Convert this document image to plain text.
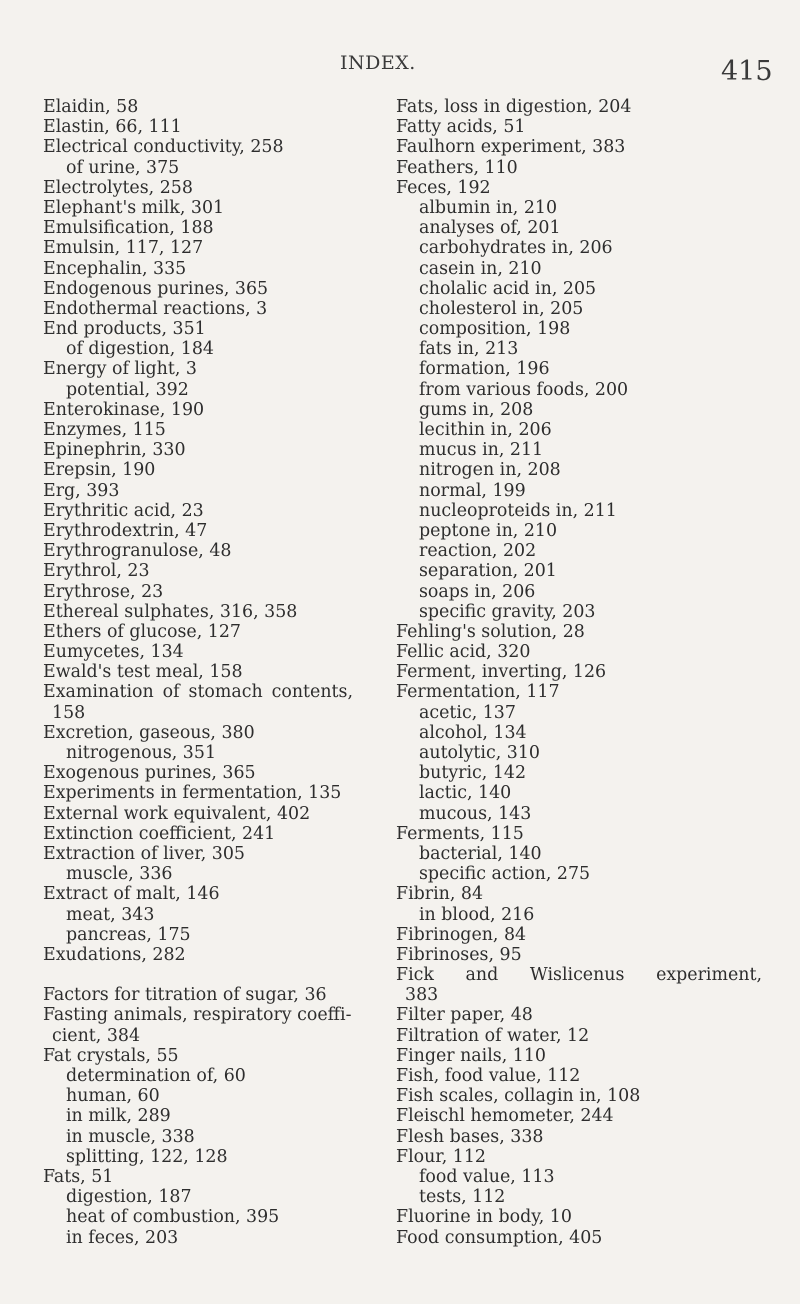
INDEX.	415
Elaidin, 58
Elastin, 66, 111
Electrical conductivity, 258
of urine, 375
Electrolytes, 258
Elephant's milk, 301
Emulsification, 188
Emulsin, 117, 127
Encephalin, 335
Endogenous purines, 365
Endothermal reactions, 3
End products, 351
of digestion, 184
Energy of light, 3
potential, 392
Enterokinase, 190
Enzymes, 115
Epinephrin, 330
Erepsin, 190
Erg, 393
Erythritic acid, 23
Erythrodextrin, 47
Erythrogranulose, 48
Erythrol, 23
Erythrose, 23
Ethereal sulphates, 316, 358
Ethers of glucose, 127
Eumycetes, 134
Ewald's test meal, 158
Examination of stomach contents,
158
Excretion, gaseous, 380
nitrogenous, 351
Exogenous purines, 365
Experiments in fermentation, 135
External work equivalent, 402
Extinction coefficient, 241
Extraction of liver, 305
muscle, 336
Extract of malt, 146
meat, 343
pancreas, 175
Exudations, 282
Factors for titration of sugar, 36
Fasting animals, respiratory coeffi-
cient, 384
Fat crystals, 55
determination of, 60
human, 60
in milk, 289
in muscle, 338
splitting, 122, 128
Fats, 51
digestion, 187
heat of combustion, 395
in feces, 203
Fats, loss in digestion, 204
Fatty acids, 51
Faulhorn experiment, 383
Feathers, 110
Feces, 192
albumin in, 210
analyses of, 201
carbohydrates in, 206
casein in, 210
cholalic acid in, 205
cholesterol in, 205
composition, 198
fats in, 213
formation, 196
from various foods, 200
gums in, 208
lecithin in, 206
mucus in, 211
nitrogen in, 208
normal, 199
nucleoproteids in, 211
peptone in, 210
reaction, 202
separation, 201
soaps in, 206
specific gravity, 203
Fehling's solution, 28
Fellic acid, 320
Ferment, inverting, 126
Fermentation, 117
acetic, 137
alcohol, 134
autolytic, 310
butyric, 142
lactic, 140
mucous, 143
Ferments, 115
bacterial, 140
specific action, 275
Fibrin, 84
in blood, 216
Fibrinogen, 84
Fibrinoses, 95
Fick and Wislicenus experiment,
383
Filter paper, 48
Filtration of water, 12
Finger nails, 110
Fish, food value, 112
Fish scales, collagin in, 108
Fleischl hemometer, 244
Flesh bases, 338
Flour, 112
food value, 113
tests, 112
Fluorine in body, 10
Food consumption, 405
